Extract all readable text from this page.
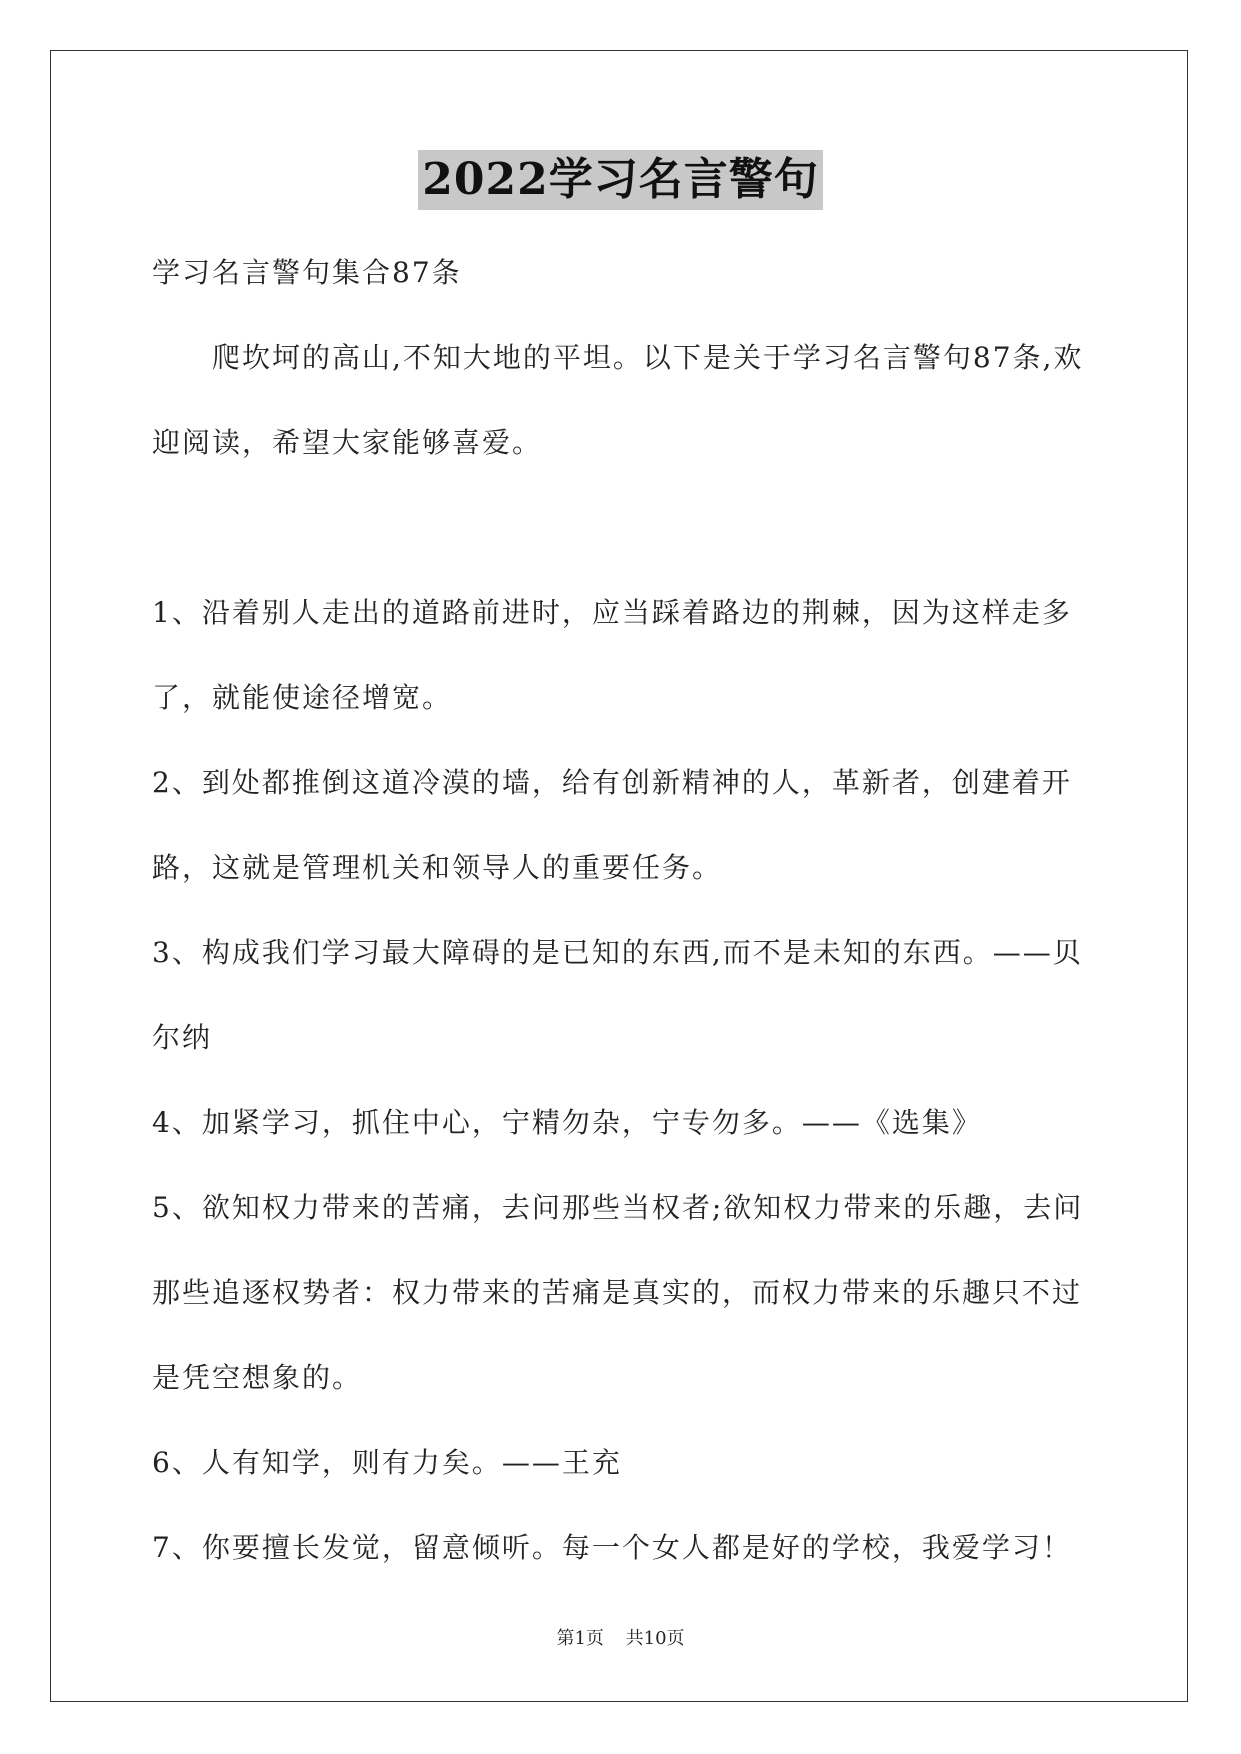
2022学习名言警句

学习名言警句集合87条

爬坎坷的高山,不知大地的平坦。以下是关于学习名言警句87条,欢迎阅读，希望大家能够喜爱。

1、沿着别人走出的道路前进时，应当踩着路边的荆棘，因为这样走多了，就能使途径增宽。

2、到处都推倒这道冷漠的墙，给有创新精神的人，革新者，创建着开路，这就是管理机关和领导人的重要任务。

3、构成我们学习最大障碍的是已知的东西,而不是未知的东西。——贝尔纳

4、加紧学习，抓住中心，宁精勿杂，宁专勿多。——《选集》

5、欲知权力带来的苦痛，去问那些当权者;欲知权力带来的乐趣，去问那些追逐权势者：权力带来的苦痛是真实的，而权力带来的乐趣只不过是凭空想象的。

6、人有知学，则有力矣。——王充

7、你要擅长发觉，留意倾听。每一个女人都是好的学校，我爱学习！

第1页 共10页
